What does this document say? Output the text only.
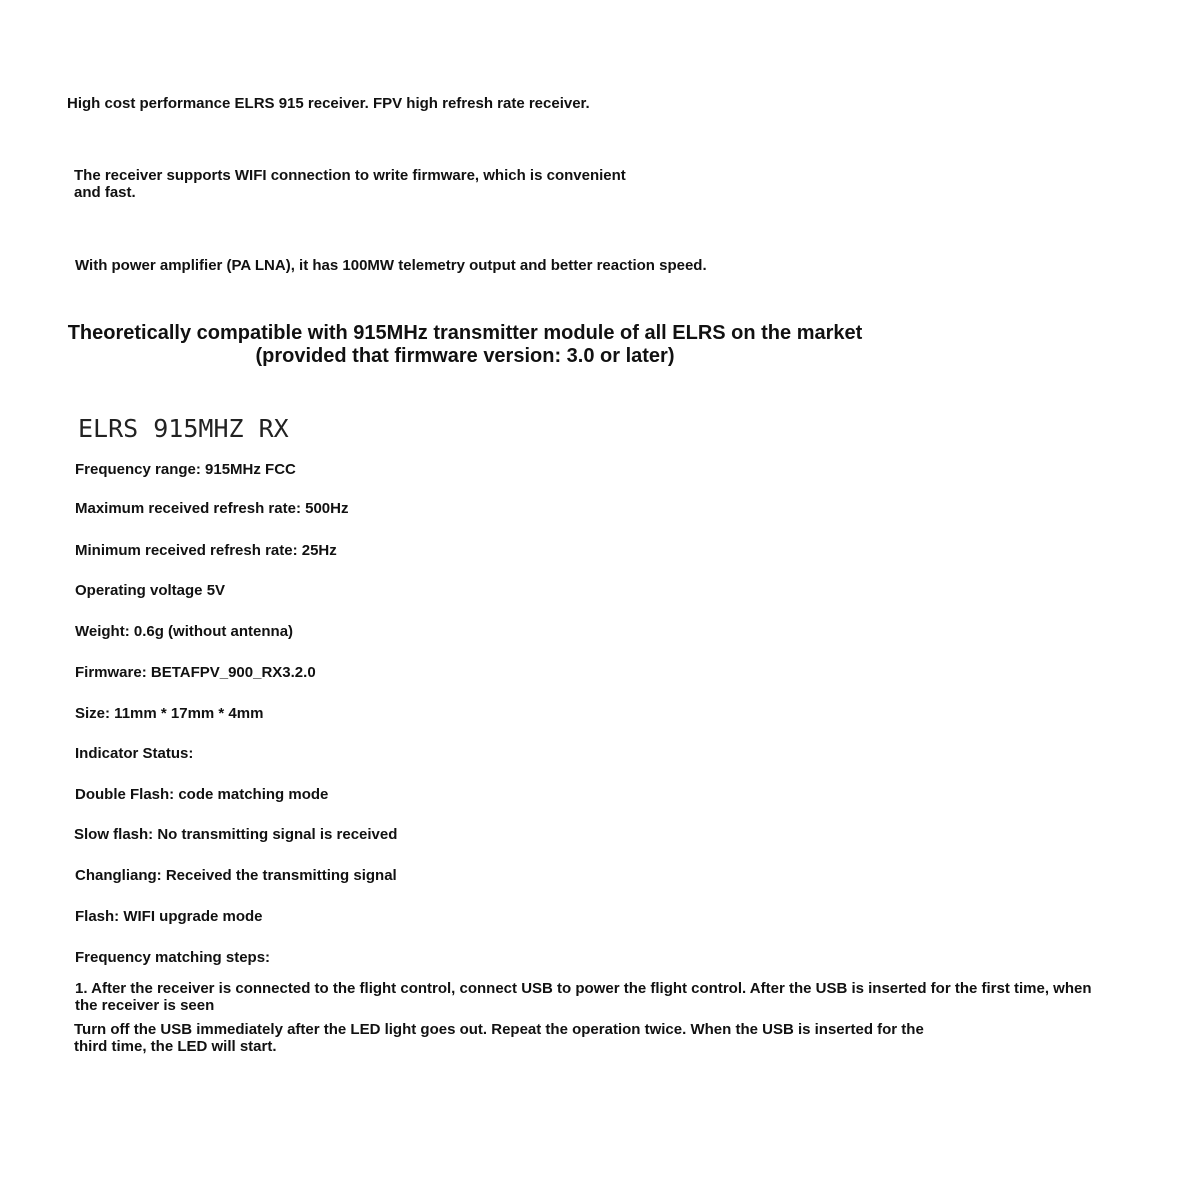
High cost performance ELRS 915 receiver. FPV high refresh rate receiver.

The receiver supports WIFI connection to write firmware, which is convenient

and fast.

With power amplifier (PA LNA), it has 100MW telemetry output and better reaction speed.

Theoretically compatible with 915MHz transmitter module of all ELRS on the market

(provided that firmware version: 3.0 or later)

ELRS 915MHZ RX

Frequency range: 915MHz FCC

Maximum received refresh rate: 500Hz

Minimum received refresh rate: 25Hz

Operating voltage 5V

Weight: 0.6g (without antenna)

Firmware: BETAFPV_900_RX3.2.0

Size: 11mm * 17mm * 4mm

Indicator Status:

Double Flash: code matching mode

Slow flash: No transmitting signal is received

Changliang: Received the transmitting signal

Flash: WIFI upgrade mode

Frequency matching steps:

1. After the receiver is connected to the flight control, connect USB to power the flight control. After the USB is inserted for the first time, when

the receiver is seen

Turn off the USB immediately after the LED light goes out. Repeat the operation twice. When the USB is inserted for the

third time, the LED will start.
